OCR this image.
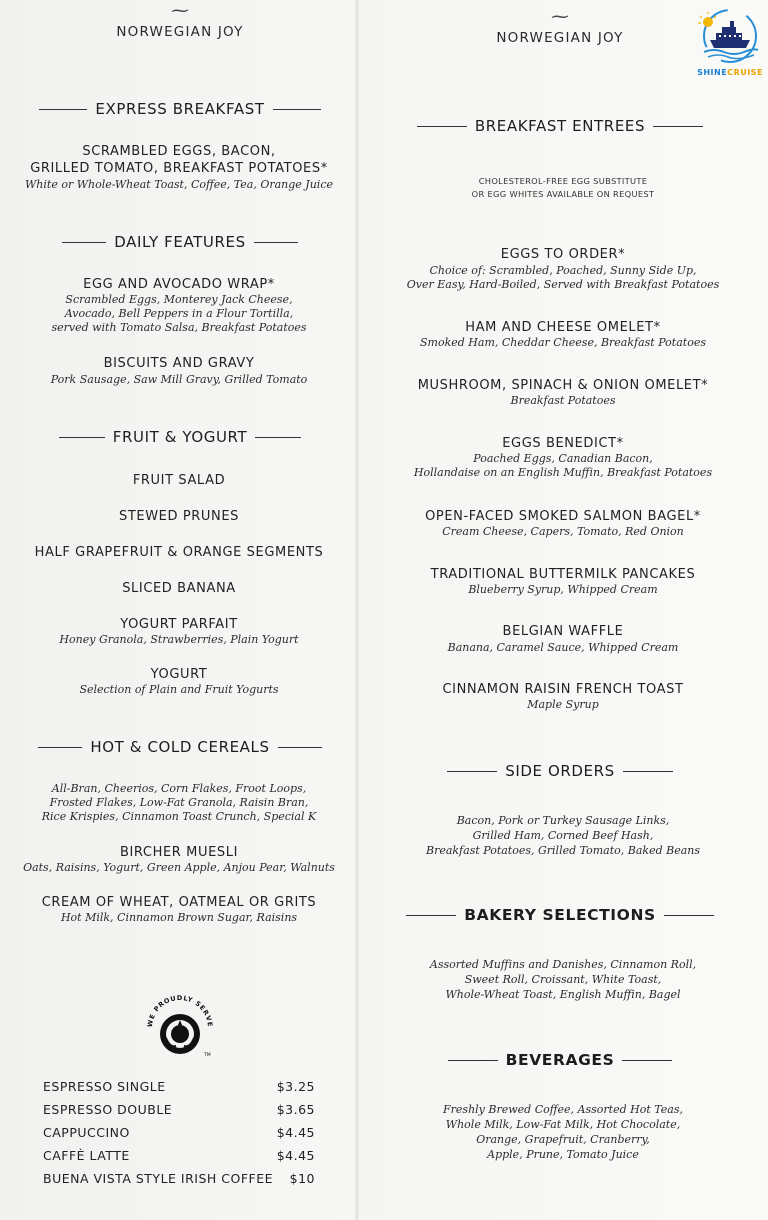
⁓
NORWEGIAN JOY
EXPRESS BREAKFAST
SCRAMBLED EGGS, BACON,
GRILLED TOMATO, BREAKFAST POTATOES*
White or Whole-Wheat Toast, Coffee, Tea, Orange Juice
DAILY FEATURES
EGG AND AVOCADO WRAP*
Scrambled Eggs, Monterey Jack Cheese,
Avocado, Bell Peppers in a Flour Tortilla,
served with Tomato Salsa, Breakfast Potatoes
BISCUITS AND GRAVY
Pork Sausage, Saw Mill Gravy, Grilled Tomato
FRUIT & YOGURT
FRUIT SALAD
STEWED PRUNES
HALF GRAPEFRUIT & ORANGE SEGMENTS
SLICED BANANA
YOGURT PARFAIT
Honey Granola, Strawberries, Plain Yogurt
YOGURT
Selection of Plain and Fruit Yogurts
HOT & COLD CEREALS
All-Bran, Cheerios, Corn Flakes, Froot Loops,
Frosted Flakes, Low-Fat Granola, Raisin Bran,
Rice Krispies, Cinnamon Toast Crunch, Special K
BIRCHER MUESLI
Oats, Raisins, Yogurt, Green Apple, Anjou Pear, Walnuts
CREAM OF WHEAT, OATMEAL OR GRITS
Hot Milk, Cinnamon Brown Sugar, Raisins
WE PROUDLY SERVE
TM
ESPRESSO SINGLE	$3.25
ESPRESSO DOUBLE	$3.65
CAPPUCCINO	$4.45
CAFFÈ LATTE	$4.45
BUENA VISTA STYLE IRISH COFFEE $10
⁓
NORWEGIAN JOY
SHINECRUISE
BREAKFAST ENTREES
CHOLESTEROL-FREE EGG SUBSTITUTE
OR EGG WHITES AVAILABLE ON REQUEST
EGGS TO ORDER*
Choice of: Scrambled, Poached, Sunny Side Up,
Over Easy, Hard-Boiled, Served with Breakfast Potatoes
HAM AND CHEESE OMELET*
Smoked Ham, Cheddar Cheese, Breakfast Potatoes
MUSHROOM, SPINACH & ONION OMELET*
Breakfast Potatoes
EGGS BENEDICT*
Poached Eggs, Canadian Bacon,
Hollandaise on an English Muffin, Breakfast Potatoes
OPEN-FACED SMOKED SALMON BAGEL*
Cream Cheese, Capers, Tomato, Red Onion
TRADITIONAL BUTTERMILK PANCAKES
Blueberry Syrup, Whipped Cream
BELGIAN WAFFLE
Banana, Caramel Sauce, Whipped Cream
CINNAMON RAISIN FRENCH TOAST
Maple Syrup
SIDE ORDERS
Bacon, Pork or Turkey Sausage Links,
Grilled Ham, Corned Beef Hash,
Breakfast Potatoes, Grilled Tomato, Baked Beans
BAKERY SELECTIONS
Assorted Muffins and Danishes, Cinnamon Roll,
Sweet Roll, Croissant, White Toast,
Whole-Wheat Toast, English Muffin, Bagel
BEVERAGES
Freshly Brewed Coffee, Assorted Hot Teas,
Whole Milk, Low-Fat Milk, Hot Chocolate,
Orange, Grapefruit, Cranberry,
Apple, Prune, Tomato Juice
